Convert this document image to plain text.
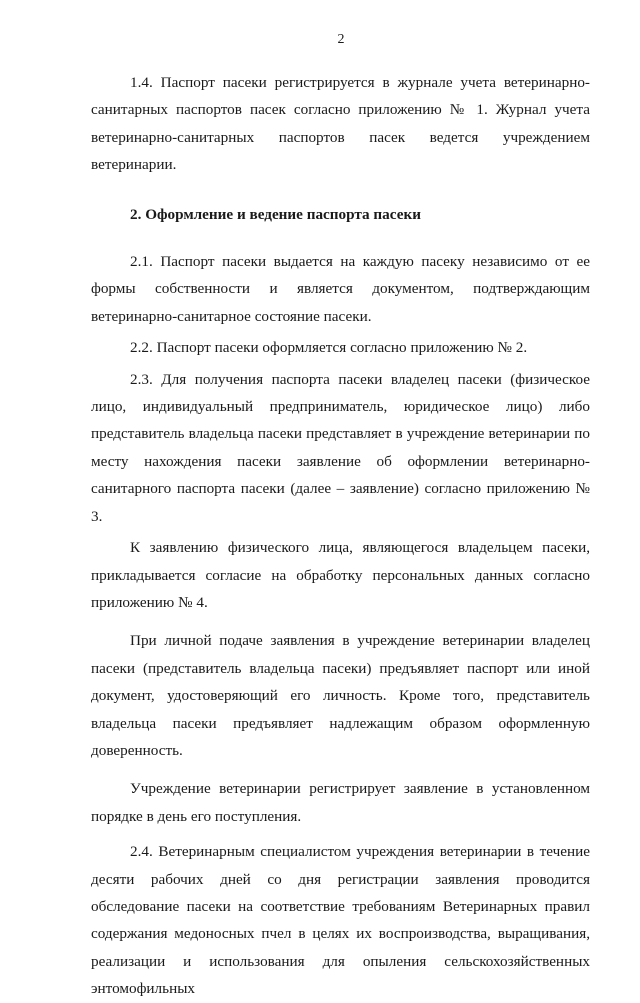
2

1.4. Паспорт пасеки регистрируется в журнале учета ветеринарно-санитарных паспортов пасек согласно приложению № 1. Журнал учета ветеринарно-санитарных паспортов пасек ведется учреждением ветеринарии.

2. Оформление и ведение паспорта пасеки

2.1. Паспорт пасеки выдается на каждую пасеку независимо от ее формы собственности и является документом, подтверждающим ветеринарно-санитарное состояние пасеки.

2.2. Паспорт пасеки оформляется согласно приложению № 2.

2.3. Для получения паспорта пасеки владелец пасеки (физическое лицо, индивидуальный предприниматель, юридическое лицо) либо представитель владельца пасеки представляет в учреждение ветеринарии по месту нахождения пасеки заявление об оформлении ветеринарно-санитарного паспорта пасеки (далее – заявление) согласно приложению № 3.

К заявлению физического лица, являющегося владельцем пасеки, прикладывается согласие на обработку персональных данных согласно приложению № 4.

При личной подаче заявления в учреждение ветеринарии владелец пасеки (представитель владельца пасеки) предъявляет паспорт или иной документ, удостоверяющий его личность. Кроме того, представитель владельца пасеки предъявляет надлежащим образом оформленную доверенность.

Учреждение ветеринарии регистрирует заявление в установленном порядке в день его поступления.

2.4. Ветеринарным специалистом учреждения ветеринарии в течение десяти рабочих дней со дня регистрации заявления проводится обследование пасеки на соответствие требованиям Ветеринарных правил содержания медоносных пчел в целях их воспроизводства, выращивания, реализации и использования для опыления сельскохозяйственных энтомофильных
